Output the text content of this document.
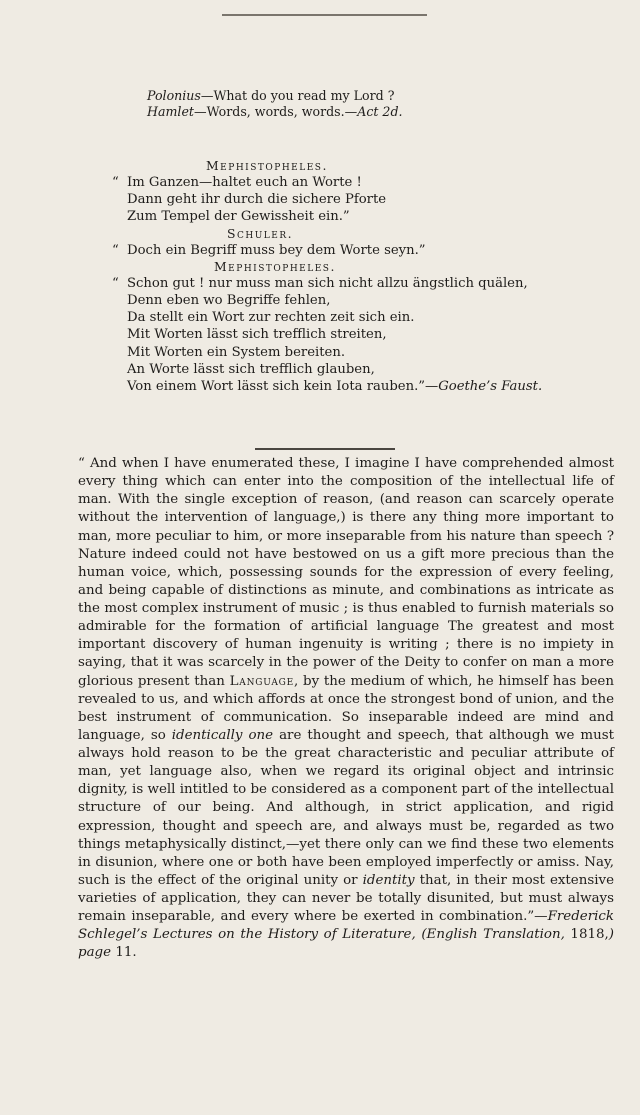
Polonius—What do you read my Lord ?

Hamlet—Words, words, words.—Act 2d.

Mephistopheles.

“ Im Ganzen—haltet euch an Worte !

Dann geht ihr durch die sichere Pforte

Zum Tempel der Gewissheit ein.”

Schuler.

“ Doch ein Begriff muss bey dem Worte seyn.”

Mephistopheles.

“ Schon gut ! nur muss man sich nicht allzu ängstlich quälen,

Denn eben wo Begriffe fehlen,

Da stellt ein Wort zur rechten zeit sich ein.

Mit Worten lässt sich trefflich streiten,

Mit Worten ein System bereiten.

An Worte lässt sich trefflich glauben,

Von einem Wort lässt sich kein Iota rauben.”—Goethe’s Faust.

“ And when I have enumerated these, I imagine I have comprehended almost every thing which can enter into the composition of the intellectual life of man. With the single exception of reason, (and reason can scarcely operate without the intervention of language,) is there any thing more important to man, more peculiar to him, or more inseparable from his nature than speech ? Nature indeed could not have bestowed on us a gift more precious than the human voice, which, possessing sounds for the expression of every feeling, and being capable of distinctions as minute, and combinations as intricate as the most complex instrument of music ; is thus enabled to furnish materials so admirable for the formation of artificial language The greatest and most important discovery of human ingenuity is writing ; there is no impiety in saying, that it was scarcely in the power of the Deity to confer on man a more glorious present than Language, by the medium of which, he himself has been revealed to us, and which affords at once the strongest bond of union, and the best instrument of communication. So inseparable indeed are mind and language, so identically one are thought and speech, that although we must always hold reason to be the great characteristic and peculiar attribute of man, yet language also, when we regard its original object and intrinsic dignity, is well intitled to be considered as a component part of the intellectual structure of our being. And although, in strict application, and rigid expression, thought and speech are, and always must be, regarded as two things metaphysically distinct,—yet there only can we find these two elements in disunion, where one or both have been employed imperfectly or amiss. Nay, such is the effect of the original unity or identity that, in their most extensive varieties of application, they can never be totally disunited, but must always remain inseparable, and every where be exerted in combination.”—Frederick Schlegel’s Lectures on the History of Literature, (English Translation, 1818,) page 11.
